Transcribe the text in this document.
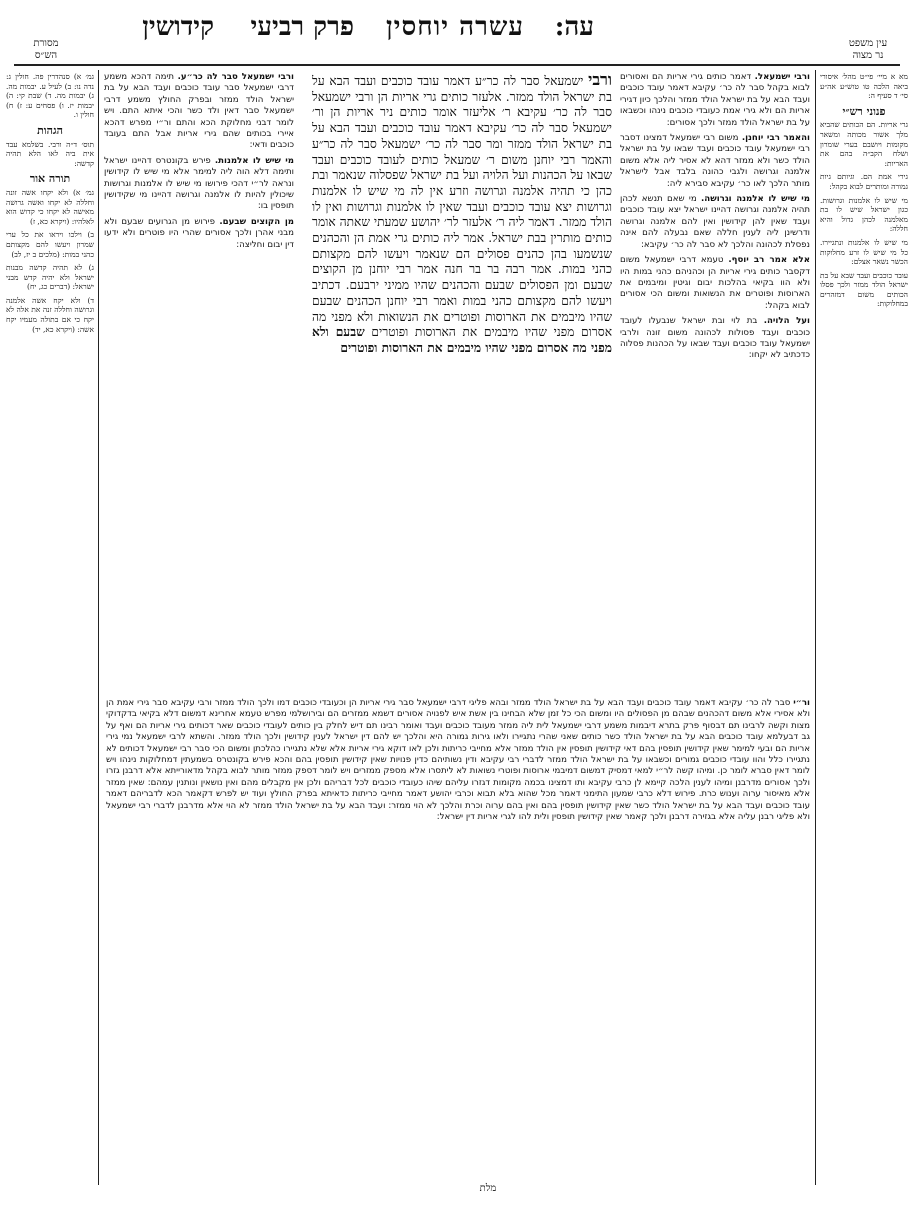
עין משפט
נר מצוה
עה:
עשרה יוחסין
פרק רביעי
קידושין
מסורת
הש״ס

מא א מיי׳ פי״ט מהל׳ איסורי ביאה הלכה טו טוש״ע אה״ע סי׳ ד סעיף ה:

פנוני רש״י

גרי אריות. הם הכותים שהביא מלך אשור מכותה ומשאר מקומות ויושבם בערי שומרון ושלח הקב״ה בהם את האריות:

גירי אמת הם. וגיותם גיות גמורה ומותרים לבוא בקהל:

מי שיש לו אלמנות וגרושות. כגון ישראל שיש לו בת מאלמנה לכהן גדול והיא חללה:

מי שיש לו אלמנות ונתגיירו. כל מי שיש לו זרע מחלוקות הכשר נשאר אצלם:

עובד כוכבים ועבד שבא על בת ישראל הולד ממזר ולכך פסלו הכותים משום דמזהרים במחלוקות:

גמ׳ א) סנהדרין פה. חולין ג: נדה נו: ב) לעיל ע. יבמות מה. ג) יבמות מה. ד) שבת קי: ה) יבמות יז. ו) פסחים ע: ז) ח) חולין ו.

הגהות

תוס׳ ד״ה ורבי. בשלמא עבד אית ביה לאו הלא תהיה קדשה:

תורה אור

גמ׳ א) ולא יקחו אשה זונה וחללה לא יקחו ואשה גרושה מאישה לא יקחו כי קדוש הוא לאלהיו: (ויקרא כא, ז)

ב) וילכו ויראו את כל ערי שמרון ויעשו להם מקצותם כהני במות: (מלכים ב יז, לב)

ג) לא תהיה קדשה מבנות ישראל ולא יהיה קדש מבני ישראל: (דברים כג, יח)

ד) ולא יקח אשה אלמנה וגרושה וחללה זנה את אלה לא יקח כי אם בתולה מעמיו יקח אשה: (ויקרא כא, יד)

ורבי ישמעאל. דאמר כותים גירי אריות הם ואסורים לבוא בקהל סבר לה כר׳ עקיבא דאמר עובד כוכבים ועבד הבא על בת ישראל הולד ממזר והלכך כיון דגירי אריות הם ולא גירי אמת כעובדי כוכבים נינהו וכשבאו על בת ישראל הולד ממזר ולכך אסורים:
והאמר רבי יוחנן. משום רבי ישמעאל דמצינו דסבר רבי ישמעאל עובד כוכבים ועבד שבאו על בת ישראל הולד כשר ולא ממזר דהא לא אסיר ליה אלא משום אלמנה וגרושה ולגבי כהונה בלבד אבל לישראל מותר הלכך לאו כר׳ עקיבא סבירא ליה:
מי שיש לו אלמנה וגרושה. מי שאם תנשא לכהן תהיה אלמנה וגרושה דהיינו ישראל יצא עובד כוכבים ועבד שאין להן קידושין ואין להם אלמנה וגרושה ודרשינן ליה לענין חללה שאם נבעלה להם אינה נפסלת לכהונה והלכך לא סבר לה כר׳ עקיבא:
אלא אמר רב יוסף. טעמא דרבי ישמעאל משום דקסבר כותים גירי אריות הן וכהניהם כהני במות היו ולא הוו בקיאי בהלכות יבום וגיטין ומיבמים את הארוסות ופוטרים את הנשואות ומשום הכי אסורים לבוא בקהל:
ועל הלויה. בת לוי ובת ישראל שנבעלו לעובד כוכבים ועבד פסולות לכהונה משום זונה ולרבי ישמעאל עובד כוכבים ועבד שבאו על הכהנות פסלוה כדכתיב לא יקחו:
ורבי ישמעאל סבר לה כר״ע דאמר עובד כוכבים ועבד הבא על בת ישראל הולד ממזר. אלעזר כותים גרי אריות הן ורבי ישמעאל סבר לה כר׳ עקיבא ר׳ אליעזר אומר כותים ניר אריות הן ור׳ ישמעאל סבר לה כר׳ עקיבא דאמר עובד כוכבים ועבד הבא על בת ישראל הולד ממזר ומר סבר לה כר׳ ישמעאל סבר לה כר״ע והאמר רבי יוחנן משום ר׳ שמעאל כותים לעובד כוכבים ועבד שבאו על הכהנות ועל הלויה ועל בת ישראל שפסלוה שנאמר ובת כהן כי תהיה אלמנה וגרושה וזרע אין לה מי שיש לו אלמנות וגרושות יצא עובד כוכבים ועבד שאין לו אלמנות וגרושות ואין לו הולד ממזר. דאמר ליה ר׳ אלעזר לר׳ יהושע שמעתי שאתה אומר כותים מותרין בבת ישראל. אמר ליה כותים גרי אמת הן והכהנים שנשמעו בהן כהנים פסולים הם שנאמר ויעשו להם מקצותם כהני במות. אמר רבה בר בר חנה אמר רבי יוחנן מן הקוצים שבעם ומן הפסולים שבעם והכהנים שהיו ממיני ירבעם. דכתיב ויעשו להם מקצותם כהני במות ואמר רבי יוחנן הכהנים שבעם שהיו מיבמים את הארוסות ופוטרים את הנשואות ולא מפני מה אסרום מפני שהיו מיבמים את הארוסות ופוטרים שבעם ולא מפני מה אסרום מפני שהיו מיבמים את הארוסות ופוטרים
ורבי ישמעאל סבר לה כר״ע. תימה דהכא משמע דרבי ישמעאל סבר עובד כוכבים ועבד הבא על בת ישראל הולד ממזר ובפרק החולץ משמע דרבי ישמעאל סבר דאין ולד כשר והכי איתא התם. ויש לומר דבני מחלוקת הכא והתם ור״י מפרש דהכא איירי בכותים שהם גירי אריות אבל התם בעובד כוכבים ודאי:
מי שיש לו אלמנות. פירש בקונטרס דהיינו ישראל ותימה דלא הוה ליה למימר אלא מי שיש לו קידושין ונראה לר״י דהכי פירושו מי שיש לו אלמנות וגרושות שיכולין להיות לו אלמנה וגרושה דהיינו מי שקידושין תופסין בו:
מן הקוצים שבעם. פירוש מן הגרועים שבעם ולא מבני אהרן ולכך אסורים שהרי היו פוטרים ולא ידעו דין יבום וחליצה:
ור״י סבר לה כר׳ עקיבא דאמר עובד כוכבים ועבד הבא על בת ישראל הולד ממזר ובהא פליגי דרבי ישמעאל סבר גירי אריות הן וכעובדי כוכבים דמו ולכך הולד ממזר ורבי עקיבא סבר גירי אמת הן ולא אסירי אלא משום דהכהנים שבהם מן הפסולים היו ומשום הכי כל זמן שלא הבחינו בין אשת איש לפנויה אסורים דשמא ממזרים הם ובירושלמי מפרש טעמא אחרינא דמשום דלא בקיאי בדקדוקי מצות וקשה לרבינו תם דבסוף פרק בתרא דיבמות משמע דרבי ישמעאל לית ליה ממזר מעובד כוכבים ועבד ואומר רבינו תם דיש לחלק בין כותים לעובדי כוכבים שאר דכותים גירי אריות הם ואף על גב דבעלמא עובד כוכבים הבא על בת ישראל הולד כשר כותים שאני שהרי נתגיירו ולאו גירות גמורה היא והלכך יש להם דין ישראל לענין קידושין ולכך הולד ממזר. והשתא לרבי ישמעאל נמי גירי אריות הם ובעי למימר שאין קידושין תופסין בהם דאי קידושין תופסין אין הולד ממזר אלא מחייבי כריתות ולכן לאו דוקא גירי אריות אלא שלא נתגיירו כהלכתן ומשום הכי סבר רבי ישמעאל דכותים לא נתגיירו כלל והוו עובדי כוכבים גמורים וכשבאו על בת ישראל הולד ממזר לדברי רבי עקיבא ודין נשותיהם כדין פנויות שאין קידושין תופסין בהם והכא פירש בקונטרס בשמעתין דמחלוקות נינהו ויש לומר דאין סברא לומר כן. ומיהו קשה לר״י למאי דמסיק דמשום דמיבמי ארוסות ופוטרי נשואות לא ליתסרו אלא מספק ממזרים ויש לומר דספק ממזר מותר לבוא בקהל מדאורייתא אלא דרבנן גזרו ולכך אסורים מדרבנן ומיהו לענין הלכה קיימא לן כרבי עקיבא ותו דמצינו בכמה מקומות דגזרו עליהם שיהו כעובדי כוכבים לכל דבריהם ולכן אין מקבלים מהם ואין נושאין ונותנין עמהם: שאין ממזר אלא מאיסור ערוה וענוש כרת. פירוש דלא כרבי שמעון התימני דאמר מכל שהוא בלא תבוא וכרבי יהושע דאמר מחייבי כריתות כדאיתא בפרק החולץ ועוד יש לפרש דקאמר הכא לדבריהם דאמר עובד כוכבים ועבד הבא על בת ישראל הולד כשר שאין קידושין תופסין בהם ואין בהם ערוה וכרת והלכך לא הוי ממזר: ועבד הבא על בת ישראל הולד ממזר לא הוי אלא מדרבנן לדברי רבי ישמעאל ולא פליגי רבנן עליה אלא בגזירה דרבנן ולכך קאמר שאין קידושין תופסין ולית להו לגרי אריות דין ישראל:
מלת
